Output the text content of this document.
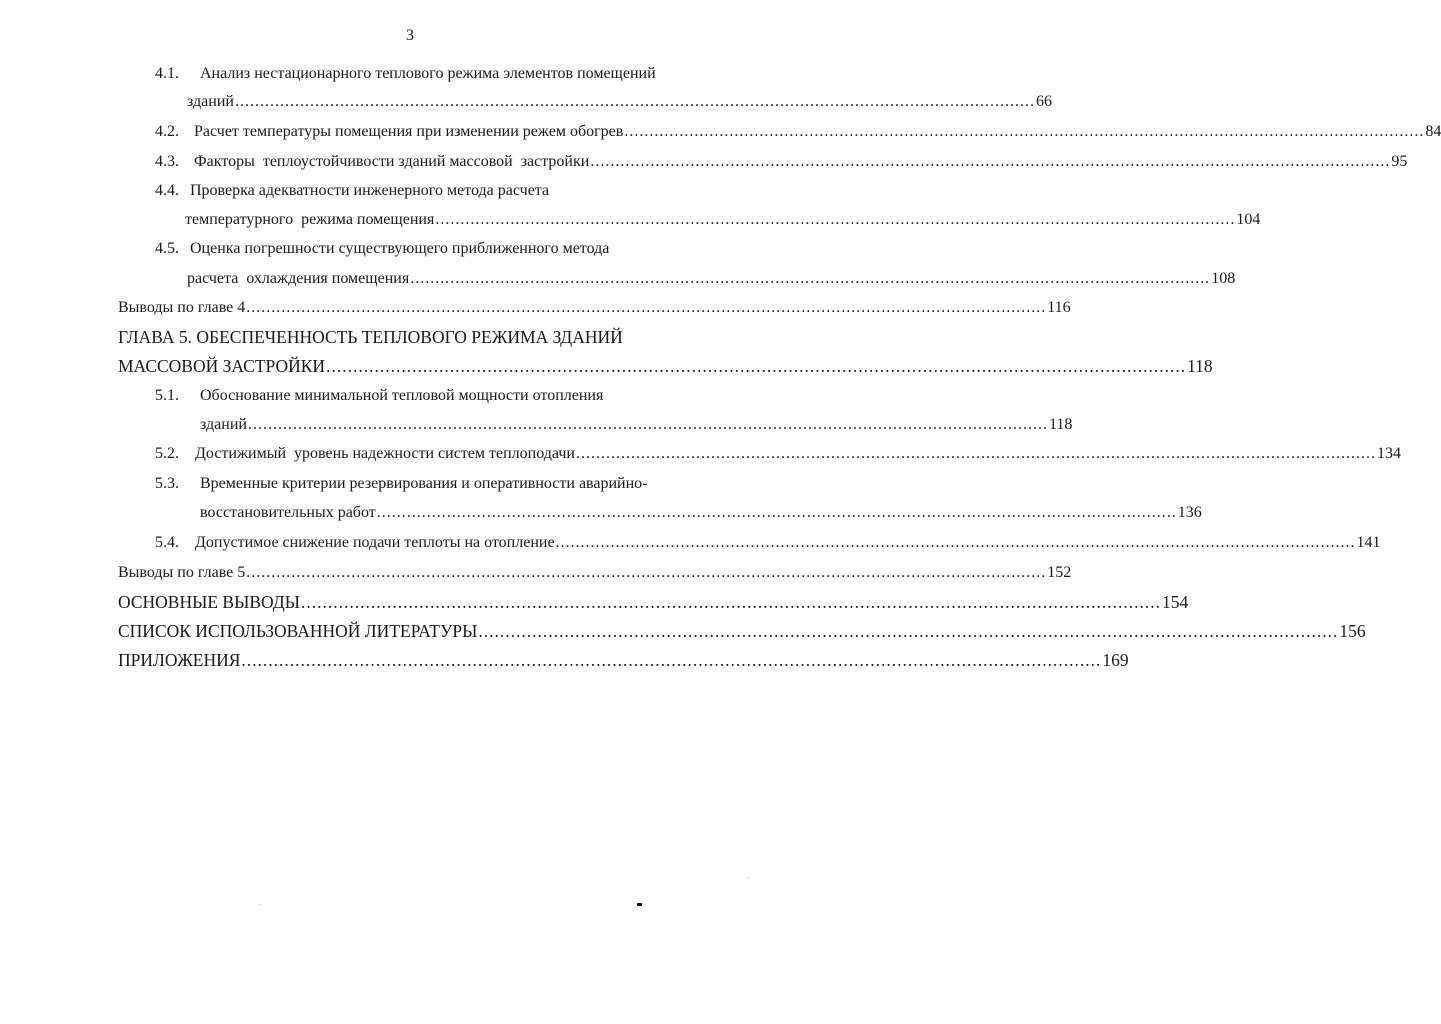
3
4.1. Анализ нестационарного теплового режима элементов помещений
зданий ................................................................................................................................................................ 66
4.2. Расчет температуры помещения при изменении режем обогрев ................................................................................................................................................................ 84
4.3. Факторы  теплоустойчивости зданий массовой  застройки ................................................................................................................................................................ 95
4.4. Проверка адекватности инженерного метода расчета
температурного  режима помещения ................................................................................................................................................................ 104
4.5. Оценка погрешности существующего приближенного метода
расчета  охлаждения помещения ................................................................................................................................................................ 108
Выводы по главе 4 ................................................................................................................................................................ 116
ГЛАВА 5. ОБЕСПЕЧЕННОСТЬ ТЕПЛОВОГО РЕЖИМА ЗДАНИЙ
МАССОВОЙ ЗАСТРОЙКИ ................................................................................................................................................................ 118
5.1. Обоснование минимальной тепловой мощности отопления
зданий ................................................................................................................................................................ 118
5.2. Достижимый  уровень надежности систем теплоподачи ................................................................................................................................................................ 134
5.3. Временные критерии резервирования и оперативности аварийно-
восстановительных работ ................................................................................................................................................................ 136
5.4. Допустимое снижение подачи теплоты на отопление ................................................................................................................................................................ 141
Выводы по главе 5 ................................................................................................................................................................ 152
ОСНОВНЫЕ ВЫВОДЫ ................................................................................................................................................................ 154
СПИСОК ИСПОЛЬЗОВАННОЙ ЛИТЕРАТУРЫ ................................................................................................................................................................ 156
ПРИЛОЖЕНИЯ ................................................................................................................................................................ 169
